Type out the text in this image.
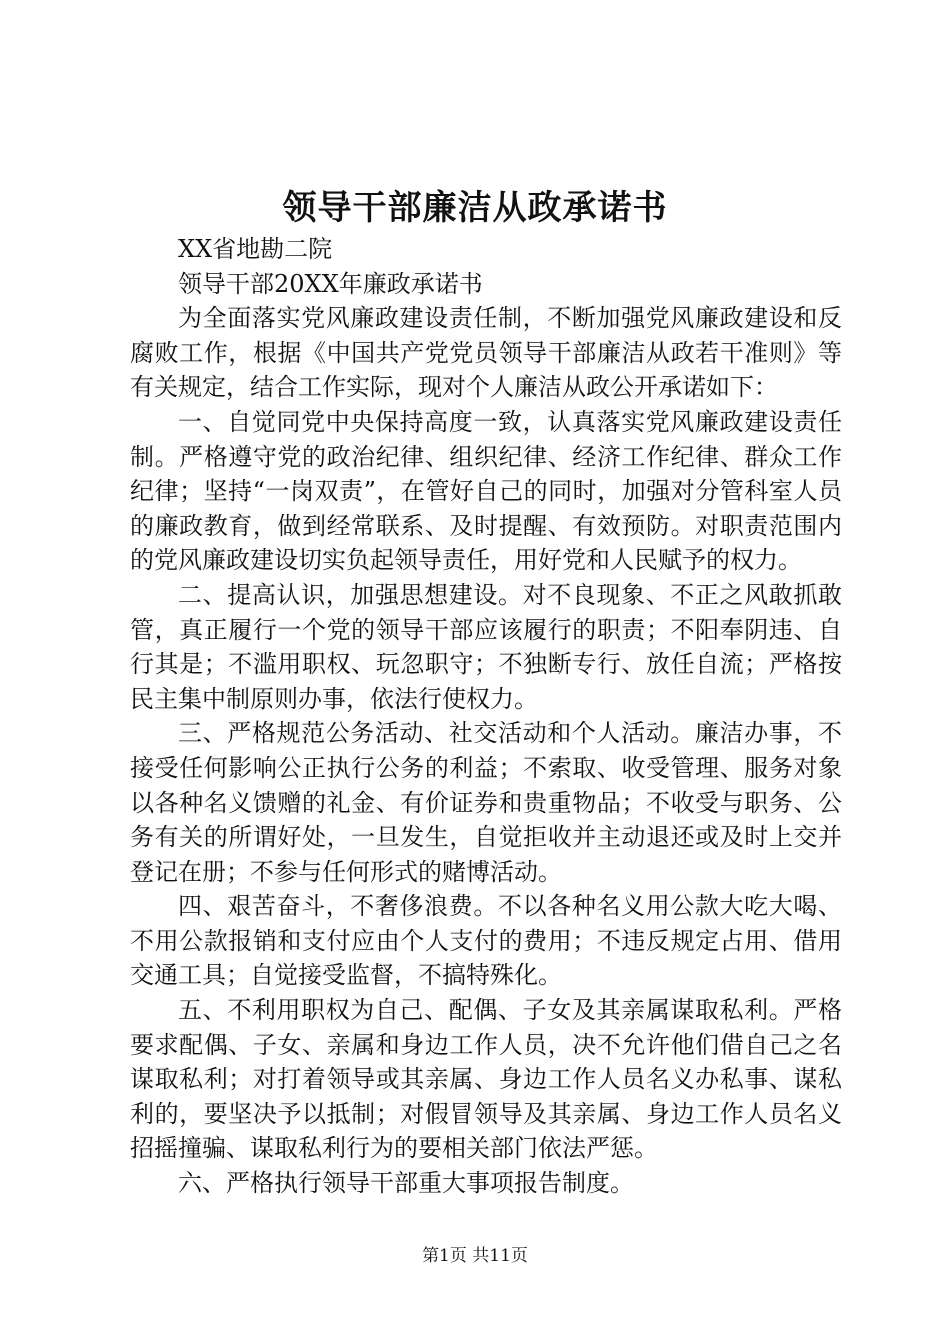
领导干部廉洁从政承诺书

XX省地勘二院

领导干部20XX年廉政承诺书

为全面落实党风廉政建设责任制，不断加强党风廉政建设和反腐败工作，根据《中国共产党党员领导干部廉洁从政若干准则》等有关规定，结合工作实际，现对个人廉洁从政公开承诺如下：

一、自觉同党中央保持高度一致，认真落实党风廉政建设责任制。严格遵守党的政治纪律、组织纪律、经济工作纪律、群众工作纪律；坚持“一岗双责”，在管好自己的同时，加强对分管科室人员的廉政教育，做到经常联系、及时提醒、有效预防。对职责范围内的党风廉政建设切实负起领导责任，用好党和人民赋予的权力。

二、提高认识，加强思想建设。对不良现象、不正之风敢抓敢管，真正履行一个党的领导干部应该履行的职责；不阳奉阴违、自行其是；不滥用职权、玩忽职守；不独断专行、放任自流；严格按民主集中制原则办事，依法行使权力。

三、严格规范公务活动、社交活动和个人活动。廉洁办事，不接受任何影响公正执行公务的利益；不索取、收受管理、服务对象以各种名义馈赠的礼金、有价证券和贵重物品；不收受与职务、公务有关的所谓好处，一旦发生，自觉拒收并主动退还或及时上交并登记在册；不参与任何形式的赌博活动。

四、艰苦奋斗，不奢侈浪费。不以各种名义用公款大吃大喝、不用公款报销和支付应由个人支付的费用；不违反规定占用、借用交通工具；自觉接受监督，不搞特殊化。

五、不利用职权为自己、配偶、子女及其亲属谋取私利。严格要求配偶、子女、亲属和身边工作人员，决不允许他们借自己之名谋取私利；对打着领导或其亲属、身边工作人员名义办私事、谋私利的，要坚决予以抵制；对假冒领导及其亲属、身边工作人员名义招摇撞骗、谋取私利行为的要相关部门依法严惩。

六、严格执行领导干部重大事项报告制度。

第1页 共11页
